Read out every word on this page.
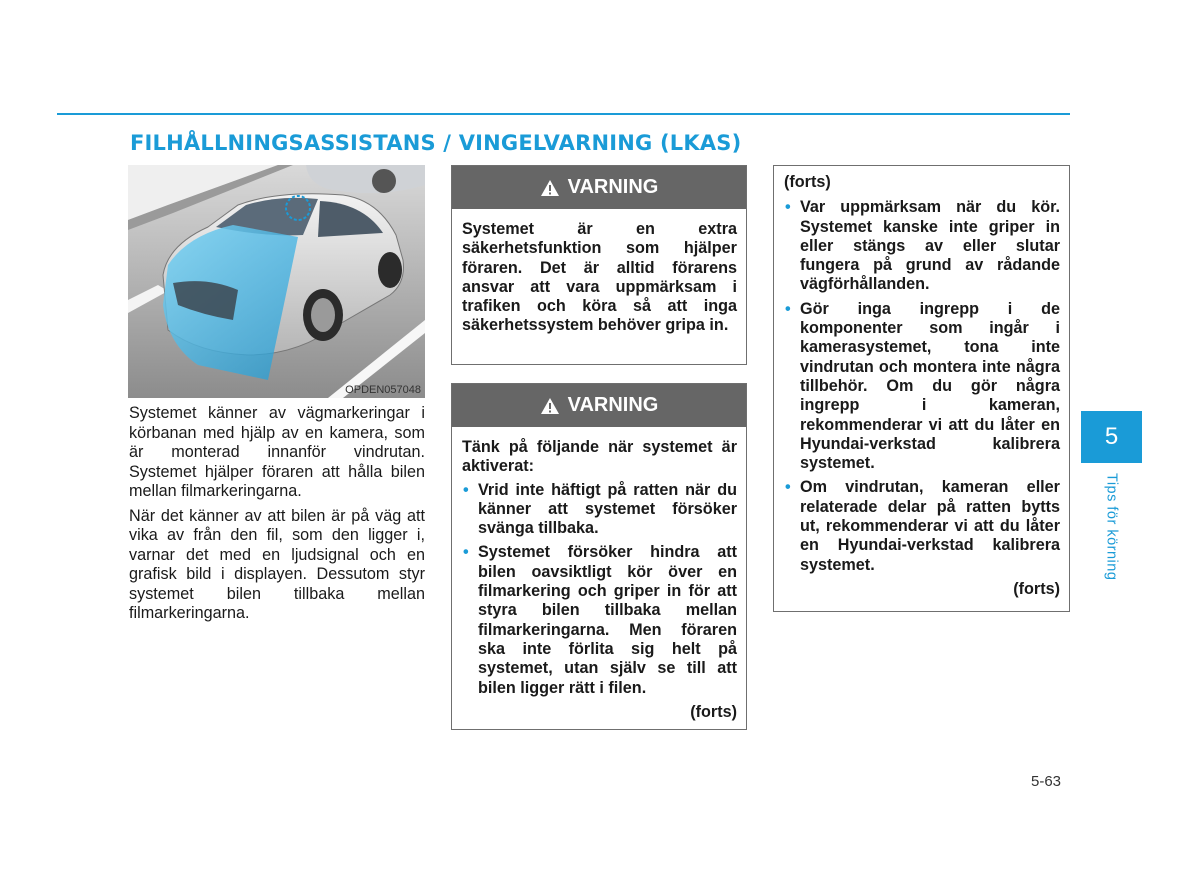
FILHÅLLNINGSASSISTANS / VINGELVARNING (LKAS)
OPDEN057048

Systemet känner av vägmarkeringar i körbanan med hjälp av en kamera, som är monterad innanför vindrutan. Systemet hjälper föraren att hålla bilen mellan filmarkeringarna.

När det känner av att bilen är på väg att vika av från den fil, som den ligger i, varnar det med en ljudsignal och en grafisk bild i displayen. Dessutom styr systemet bilen tillbaka mellan filmarkeringarna.

VARNING

Systemet är en extra säkerhetsfunktion som hjälper föraren. Det är alltid förarens ansvar att vara uppmärksam i trafiken och köra så att inga säkerhetssystem behöver gripa in.

VARNING

Tänk på följande när systemet är aktiverat:

• Vrid inte häftigt på ratten när du känner att systemet försöker svänga tillbaka.
• Systemet försöker hindra att bilen oavsiktligt kör över en filmarkering och griper in för att styra bilen tillbaka mellan filmarkeringarna. Men föraren ska inte förlita sig helt på systemet, utan själv se till att bilen ligger rätt i filen.
(forts)
(forts)
• Var uppmärksam när du kör. Systemet kanske inte griper in eller stängs av eller slutar fungera på grund av rådande vägförhållanden.
• Gör inga ingrepp i de komponenter som ingår i kamerasystemet, tona inte vindrutan och montera inte några tillbehör. Om du gör några ingrepp i kameran, rekommenderar vi att du låter en Hyundai-verkstad kalibrera systemet.
• Om vindrutan, kameran eller relaterade delar på ratten bytts ut, rekommenderar vi att du låter en Hyundai-verkstad kalibrera systemet.
(forts)
5
Tips för körning
5-63
